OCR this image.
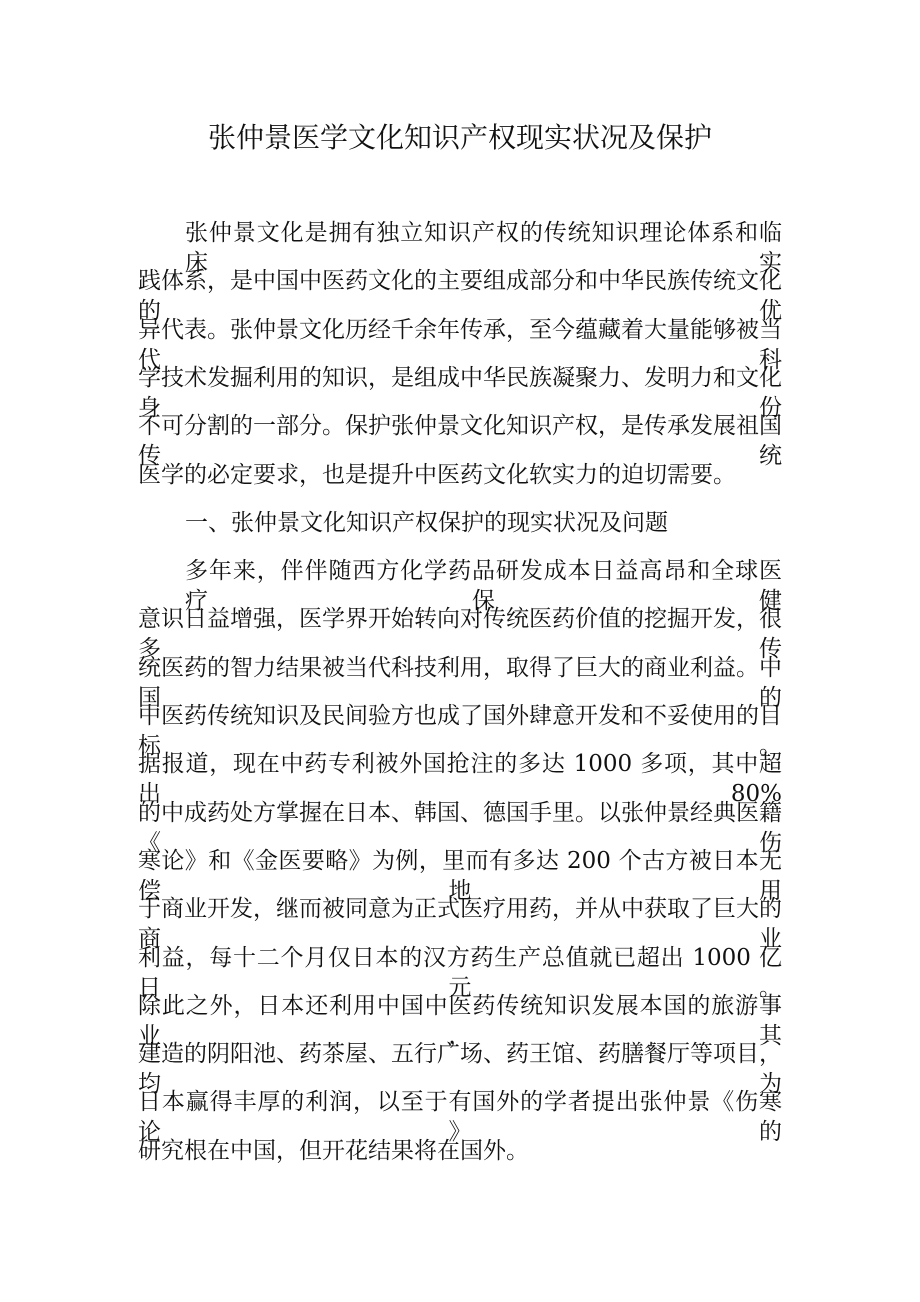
张仲景医学文化知识产权现实状况及保护
张仲景文化是拥有独立知识产权的传统知识理论体系和临床实
践体系，是中国中医药文化的主要组成部分和中华民族传统文化的优
异代表。张仲景文化历经千余年传承，至今蕴藏着大量能够被当代科
学技术发掘利用的知识，是组成中华民族凝聚力、发明力和文化身份
不可分割的一部分。保护张仲景文化知识产权，是传承发展祖国传统
医学的必定要求，也是提升中医药文化软实力的迫切需要。
一、张仲景文化知识产权保护的现实状况及问题
多年来，伴伴随西方化学药品研发成本日益高昂和全球医疗保健
意识日益增强，医学界开始转向对传统医药价值的挖掘开发，很多传
统医药的智力结果被当代科技利用，取得了巨大的商业利益。中国的
中医药传统知识及民间验方也成了国外肆意开发和不妥使用的目标。
据报道，现在中药专利被外国抢注的多达 1000 多项，其中超出 80%
的中成药处方掌握在日本、韩国、德国手里。以张仲景经典医籍《伤
寒论》和《金医要略》为例，里而有多达 200 个古方被日本无偿地用
于商业开发，继而被同意为正式医疗用药，并从中获取了巨大的商业
利益，每十二个月仅日本的汉方药生产总值就已超出 1000 亿日元。
除此之外，日本还利用中国中医药传统知识发展本国的旅游事业，其
建造的阴阳池、药茶屋、五行广场、药王馆、药膳餐厅等项目，均为
日本赢得丰厚的利润，以至于有国外的学者提出张仲景《伤寒论》的
研究根在中国，但开花结果将在国外。
